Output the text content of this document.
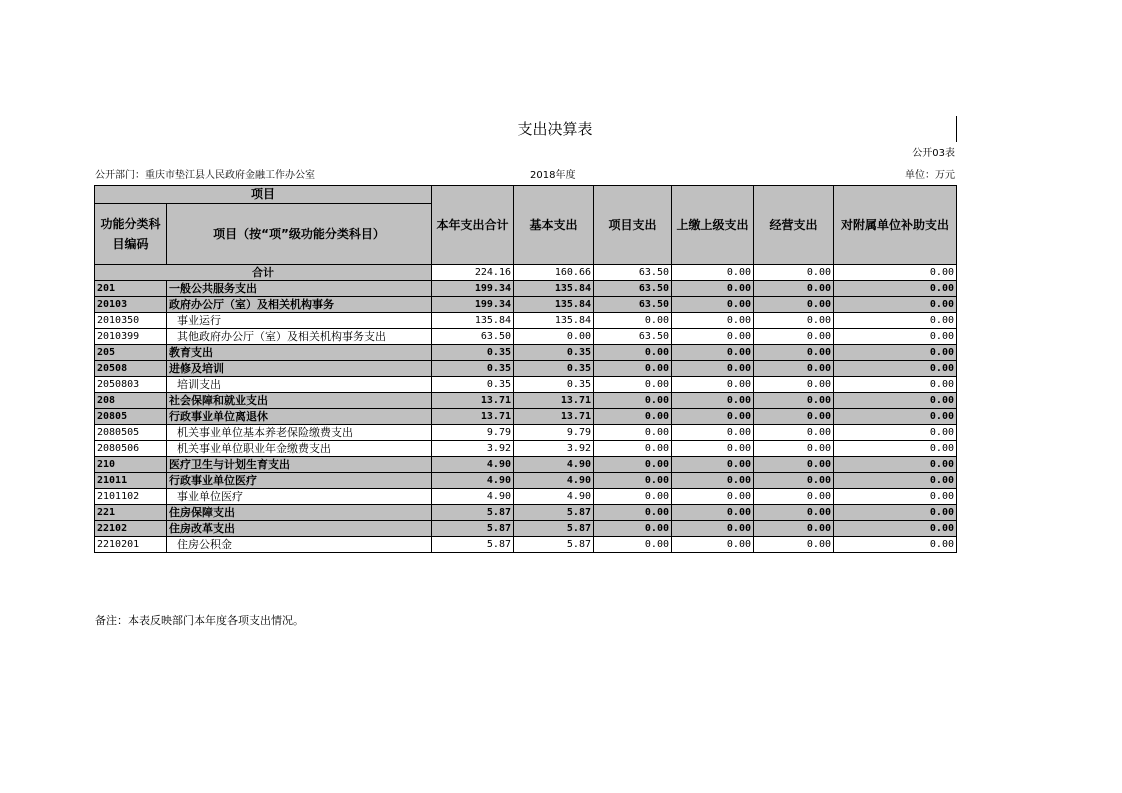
支出决算表
公开03表
公开部门：重庆市垫江县人民政府金融工作办公室	2018年度	单位：万元
项目		本年支出合计	基本支出	项目支出	上缴上级支出	经营支出	对附属单位补助支出
功能分类科目编码	项目（按“项”级功能分类科目）						
合计		224.16	160.66	63.50	0.00	0.00	0.00
201	一般公共服务支出	199.34	135.84	63.50	0.00	0.00	0.00
20103	政府办公厅（室）及相关机构事务	199.34	135.84	63.50	0.00	0.00	0.00
2010350	事业运行	135.84	135.84	0.00	0.00	0.00	0.00
2010399	其他政府办公厅（室）及相关机构事务支出	63.50	0.00	63.50	0.00	0.00	0.00
205	教育支出	0.35	0.35	0.00	0.00	0.00	0.00
20508	进修及培训	0.35	0.35	0.00	0.00	0.00	0.00
2050803	培训支出	0.35	0.35	0.00	0.00	0.00	0.00
208	社会保障和就业支出	13.71	13.71	0.00	0.00	0.00	0.00
20805	行政事业单位离退休	13.71	13.71	0.00	0.00	0.00	0.00
2080505	机关事业单位基本养老保险缴费支出	9.79	9.79	0.00	0.00	0.00	0.00
2080506	机关事业单位职业年金缴费支出	3.92	3.92	0.00	0.00	0.00	0.00
210	医疗卫生与计划生育支出	4.90	4.90	0.00	0.00	0.00	0.00
21011	行政事业单位医疗	4.90	4.90	0.00	0.00	0.00	0.00
2101102	事业单位医疗	4.90	4.90	0.00	0.00	0.00	0.00
221	住房保障支出	5.87	5.87	0.00	0.00	0.00	0.00
22102	住房改革支出	5.87	5.87	0.00	0.00	0.00	0.00
2210201	住房公积金	5.87	5.87	0.00	0.00	0.00	0.00
备注：本表反映部门本年度各项支出情况。
